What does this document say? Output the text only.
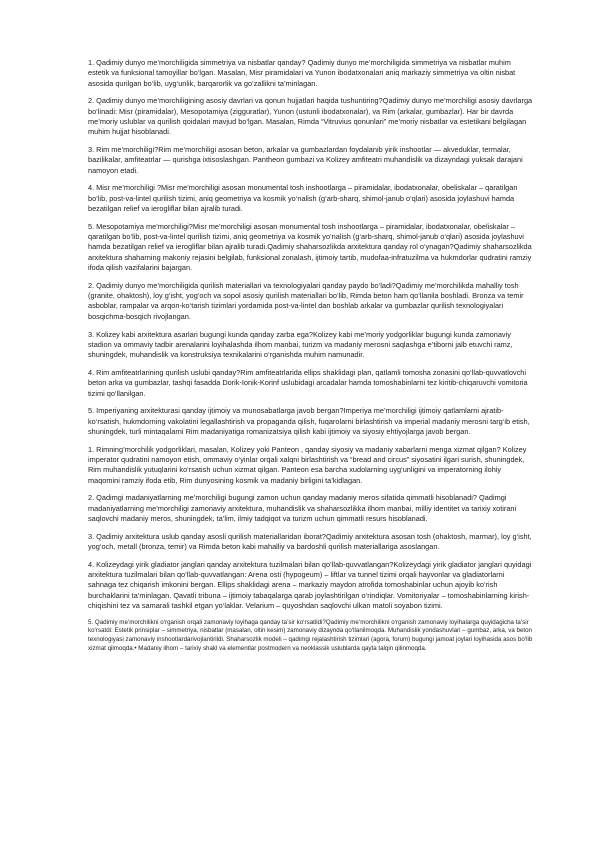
1. Qadimiy dunyo me’morchiligida simmetriya va nisbatlar qanday? Qadimiy dunyo me’morchiligida simmetriya va nisbatlar muhim estetik va funksional tamoyillar bo‘lgan. Masalan, Misr piramidalari va Yunon ibodatxonalari aniq markaziy simmetriya va oltin nisbat asosida qurilgan bo‘lib, uyg‘unlik, barqarorlik va go‘zallikni ta’minlagan.

2. Qadimiy dunyo me’morchiligining asosiy davrlari va qonun hujjatlari haqida tushuntiring?Qadimiy dunyo me’morchiligi asosiy davrlarga bo‘linadi: Misr (piramidalar), Mesopotamiya (zigguratlar), Yunon (ustunli ibodatxonalar), va Rim (arkalar, gumbazlar). Har bir davrda me’moriy uslublar va qurilish qoidalari mavjud bo‘lgan. Masalan, Rimda “Vitruvius qonunlari” me’moriy nisbatlar va estetikani belgilagan muhim hujjat hisoblanadi.

3. Rim me’morchiligi?Rim me’morchiligi asosan beton, arkalar va gumbazlardan foydalanib yirik inshootlar — akveduklar, termalar, bazilikalar, amfiteatrlar — qurishga ixtisoslashgan. Pantheon gumbazi va Kolizey amfiteatri muhandislik va dizayndagi yuksak darajani namoyon etadi.

4. Misr me’morchiligi ?Misr me’morchiligi asosan monumental tosh inshootlarga – piramidalar, ibodatxonalar, obeliskalar – qaratilgan bo‘lib, post-va-lintel qurilish tizimi, aniq geometriya va kosmik yo‘nalish (g‘arb-sharq, shimol-janub o‘qlari) asosida joylashuvi hamda bezatilgan relief va ierogliflar bilan ajralib turadi.

5. Mesopotamiya me’morchiligi?Misr me’morchiligi asosan monumental tosh inshootlarga – piramidalar, ibodatxonalar, obeliskalar – qaratilgan bo‘lib, post-va-lintel qurilish tizimi, aniq geometriya va kosmik yo‘nalish (g‘arb-sharq, shimol-janub o‘qlari) asosida joylashuvi hamda bezatilgan relief va ierogliflar bilan ajralib turadi.Qadimiy shaharsozlikda arxitektura qanday rol o‘ynagan?Qadimiy shaharsozlikda arxitektura shaharning makoniy rejasini belgilab, funksional zonalash, ijtimoiy tartib, mudofaa-infratuzilma va hukmdorlar qudratini ramziy ifoda qilish vazifalarini bajargan.

2. Qadimiy dunyo me’morchiligida qurilish materiallari va texnologiyalari qanday paydo bo‘ladi?Qadimiy me’morchilikda mahalliy tosh (granite, ohaktosh), loy g‘isht, yog‘och va sopol asosiy qurilish materiallari bo‘lib, Rimda beton ham qo‘llanila boshladi. Bronza va temir asboblar, rampalar va arqon-ko‘tarish tizimlari yordamida post-va-lintel dan boshlab arkalar va gumbazlar qurilish texnologiyalari bosqichma-bosqich rivojlangan.

3. Kolizey kabi arxitektura asarlari bugungi kunda qanday zarba ega?Kolizey kabi me’moriy yodgorliklar bugungi kunda zamonaviy stadion va ommaviy tadbir arenalarini loyihalashda ilhom manbai, turizm va madaniy merosni saqlashga e’tiborni jalb etuvchi ramz, shuningdek, muhandislik va konstruksiya texnikalarini o‘rganishda muhim namunadir.

4. Rim amfiteatrlarining qurilish uslubi qanday?Rim amfiteatrlarida ellips shaklidagi plan, qatlamli tomosha zonasini qo‘llab-quvvatlovchi beton arka va gumbazlar, tashqi fasadda Dorik-Ionik-Korinf uslubidagi arcadalar hamda tomoshabinlarni tez kiritib-chiqaruvchi vomitoria tizimi qo‘llanilgan.

5. Imperiyaning arxitekturasi qanday ijtimoiy va munosabatlarga javob bergan?Imperiya me’morchiligi ijtimoiy qatlamlarni ajratib-ko‘rsatish, hukmdorning vakolatini legallashtirish va propaganda qilish, fuqarolarni birlashtirish va imperial madaniy merosni targ‘ib etish, shuningdek, turli mintaqalarni Rim madaniyatiga romanizatsiya qilish kabi ijtimoiy va siyosiy ehtiyojlarga javob bergan.

1. Rimning’morchilik yodgorliklari, masalan, Kolizey yoki Panteon , qanday siyosiy va madaniy xabarlarni menga xizmat qilgan? Kolizey imperator qudratini namoyon etish, ommaviy o‘yinlar orqali xalqni birlashtirish va “bread and circus” siyosatini ilgari surish, shuningdek, Rim muhandislik yutuqlarini ko‘rsatish uchun xizmat qilgan. Panteon esa barcha xudolarning uyg‘unligini va imperatorning ilohiy maqomini ramziy ifoda etib, Rim dunyosining kosmik va madaniy birligini ta’kidlagan.

2. Qadimgi madaniyatlarning me’morchiligi bugungi zamon uchun qanday madaniy meros sifatida qimmatli hisoblanadi? Qadimgi madaniyatlarning me’morchiligi zamonaviy arxitektura, muhandislik va shaharsozlikka ilhom manbai, milliy identitet va tarixiy xotirani saqlovchi madaniy meros, shuningdek, ta’lim, ilmiy tadqiqot va turizm uchun qimmatli resurs hisoblanadi.

3. Qadimiy arxitektura uslub qanday asosli qurilish materiallaridan iborat?Qadimiy arxitektura asosan tosh (ohaktosh, marmar), loy g‘isht, yog‘och, metall (bronza, temir) va Rimda beton kabi mahalliy va bardoshli qurilish materiallariga asoslangan.

4. Kolizeydagi yirik gladiator janglari qanday arxitektura tuzilmalari bilan qo‘llab-quvvatlangan?Kolizeydagi yirik gladiator janglari quyidagi arxitektura tuzilmalari bilan qo‘llab-quvvatlangan: Arena osti (hypogeum) – liftlar va tunnel tizimi orqali hayvonlar va gladiatorlarni sahnaga tez chiqarish imkonini bergan. Ellips shaklidagi arena – markaziy maydon atrofida tomoshabinlar uchun ajoyib ko‘rish burchaklarini ta’minlagan. Qavatli tribuna – ijtimoiy tabaqalarga qarab joylashtirilgan o‘rindiqlar. Vomitoriyalar – tomoshabinlarning kirish-chiqishini tez va samarali tashkil etgan yo‘laklar. Velarium – quyoshdan saqlovchi ulkan matoli soyabon tizimi.

5. Qadimiy me’morchilikni o‘rganish orqali zamonaviy loyihaga qanday ta’sir ko‘rsatildi?Qadimiy me’morchilikni o‘rganish zamonaviy loyihalarga quyidagicha ta’sir ko‘rsatdi: Estetik prinsiplar – simmetriya, nisbatlar (masalan, oltin kesim) zamonaviy dizaynda qo‘llanilmoqda. Muhandislik yondashuvlari – gumbaz, arka, va beton texnologiyasi zamonaviy inshootlardarivojlantirildi. Shaharsozlik modeli – qadimgi rejalashtirish tizimlari (agora, forum) bugungi jamoat joylari loyihasida asos bo‘lib xizmat qilmoqda.• Madaniy ilhom – tarixiy shakl va elementlar postmodern va neoklassik uslublarda qayta talqin qilinmoqda.
